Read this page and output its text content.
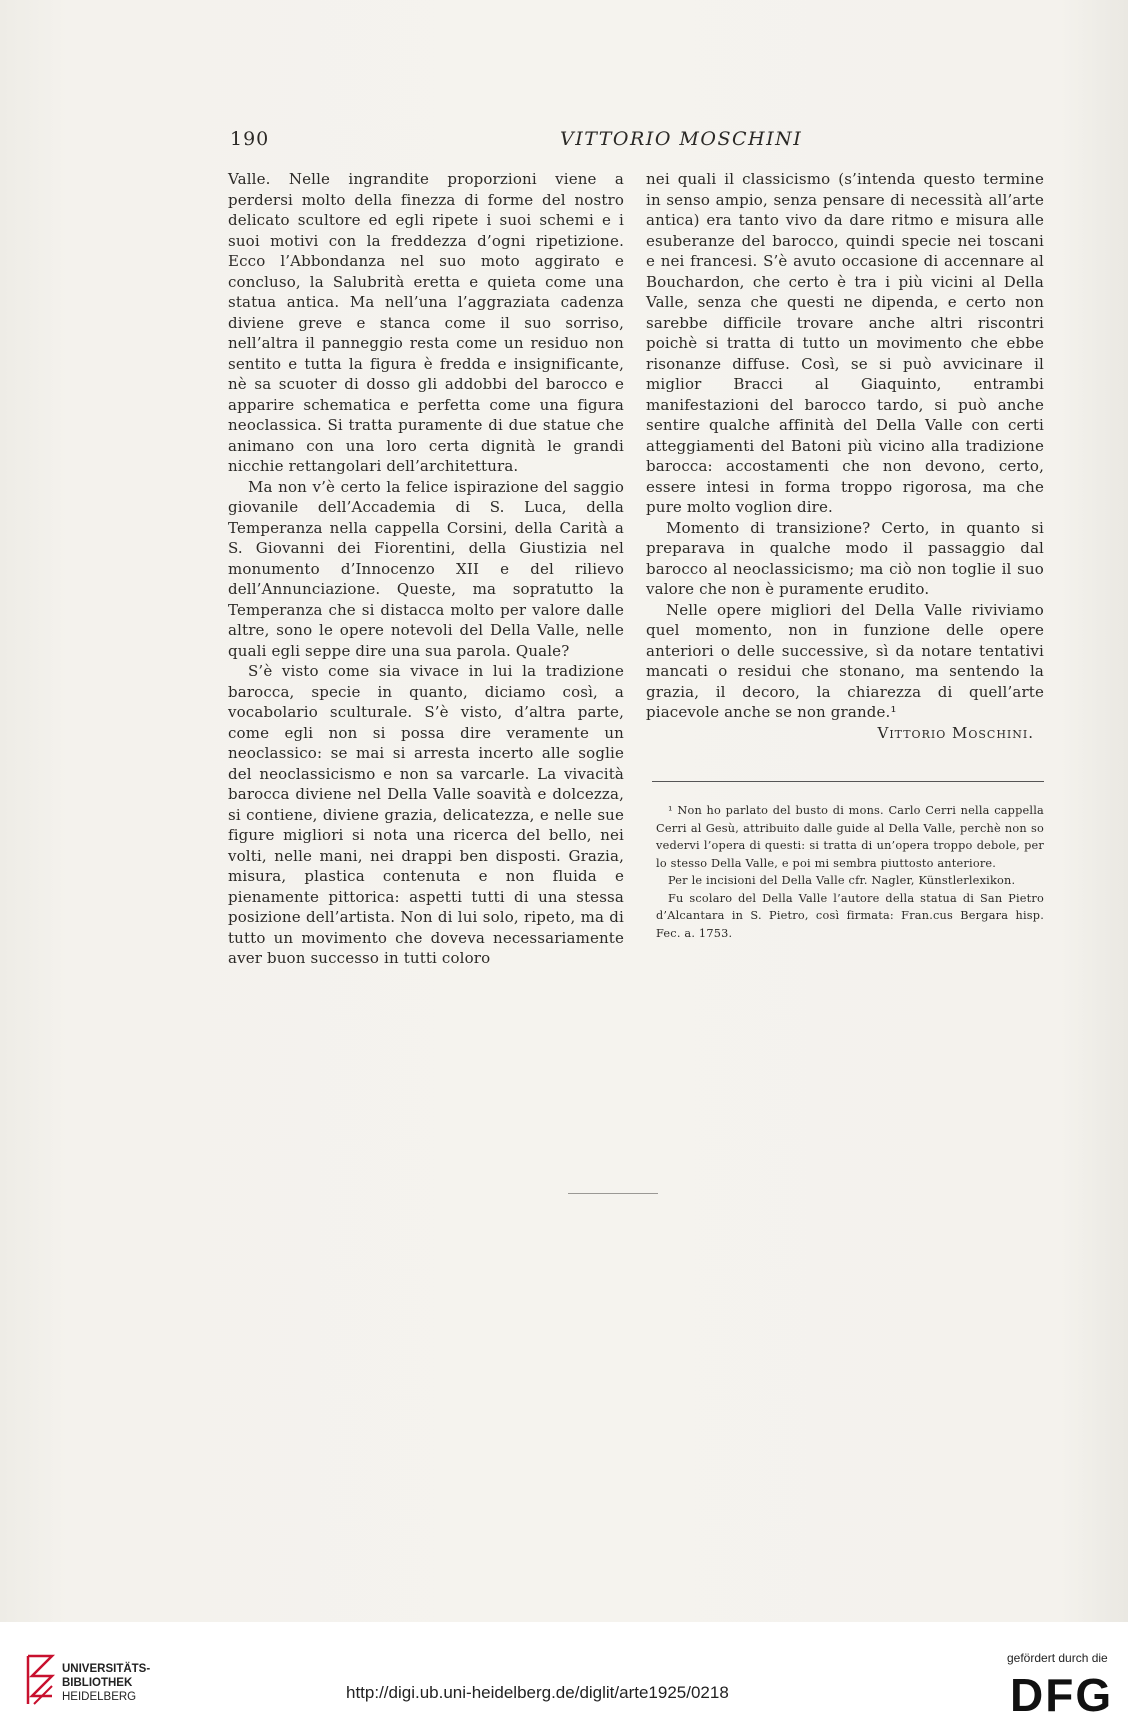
190	VITTORIO MOSCHINI

Valle. Nelle ingrandite proporzioni viene a perdersi molto della finezza di forme del nostro delicato scultore ed egli ripete i suoi schemi e i suoi motivi con la freddezza d’ogni ripetizione. Ecco l’Abbondanza nel suo moto aggirato e concluso, la Salubrità eretta e quieta come una statua antica. Ma nell’una l’aggraziata cadenza diviene greve e stanca come il suo sorriso, nell’altra il panneggio resta come un residuo non sentito e tutta la figura è fredda e insignificante, nè sa scuoter di dosso gli addobbi del barocco e apparire schematica e perfetta come una figura neoclassica. Si tratta puramente di due statue che animano con una loro certa dignità le grandi nicchie rettangolari dell’architettura.

Ma non v’è certo la felice ispirazione del saggio giovanile dell’Accademia di S. Luca, della Temperanza nella cappella Corsini, della Carità a S. Giovanni dei Fiorentini, della Giustizia nel monumento d’Innocenzo XII e del rilievo dell’Annunciazione. Queste, ma sopratutto la Temperanza che si distacca molto per valore dalle altre, sono le opere notevoli del Della Valle, nelle quali egli seppe dire una sua parola. Quale?

S’è visto come sia vivace in lui la tradizione barocca, specie in quanto, diciamo così, a vocabolario sculturale. S’è visto, d’altra parte, come egli non si possa dire veramente un neoclassico: se mai si arresta incerto alle soglie del neoclassicismo e non sa varcarle. La vivacità barocca diviene nel Della Valle soavità e dolcezza, si contiene, diviene grazia, delicatezza, e nelle sue figure migliori si nota una ricerca del bello, nei volti, nelle mani, nei drappi ben disposti. Grazia, misura, plastica contenuta e non fluida e pienamente pittorica: aspetti tutti di una stessa posizione dell’artista. Non di lui solo, ripeto, ma di tutto un movimento che doveva necessariamente aver buon successo in tutti coloro

nei quali il classicismo (s’intenda questo termine in senso ampio, senza pensare di necessità all’arte antica) era tanto vivo da dare ritmo e misura alle esuberanze del barocco, quindi specie nei toscani e nei francesi. S’è avuto occasione di accennare al Bouchardon, che certo è tra i più vicini al Della Valle, senza che questi ne dipenda, e certo non sarebbe difficile trovare anche altri riscontri poichè si tratta di tutto un movimento che ebbe risonanze diffuse. Così, se si può avvicinare il miglior Bracci al Giaquinto, entrambi manifestazioni del barocco tardo, si può anche sentire qualche affinità del Della Valle con certi atteggiamenti del Batoni più vicino alla tradizione barocca: accostamenti che non devono, certo, essere intesi in forma troppo rigorosa, ma che pure molto voglion dire.

Momento di transizione? Certo, in quanto si preparava in qualche modo il passaggio dal barocco al neoclassicismo; ma ciò non toglie il suo valore che non è puramente erudito.

Nelle opere migliori del Della Valle riviviamo quel momento, non in funzione delle opere anteriori o delle successive, sì da notare tentativi mancati o residui che stonano, ma sentendo la grazia, il decoro, la chiarezza di quell’arte piacevole anche se non grande.¹

Vittorio Moschini.

¹ Non ho parlato del busto di mons. Carlo Cerri nella cappella Cerri al Gesù, attribuito dalle guide al Della Valle, perchè non so vedervi l’opera di questi: si tratta di un’opera troppo debole, per lo stesso Della Valle, e poi mi sembra piuttosto anteriore.

Per le incisioni del Della Valle cfr. Nagler, Künstlerlexikon.

Fu scolaro del Della Valle l’autore della statua di San Pietro d’Alcantara in S. Pietro, così firmata: Fran.cus Bergara hisp. Fec. a. 1753.

UNIVERSITÄTS-
BIBLIOTHEK
HEIDELBERG	http://digi.ub.uni-heidelberg.de/diglit/arte1925/0218
gefördert durch die
DFG
